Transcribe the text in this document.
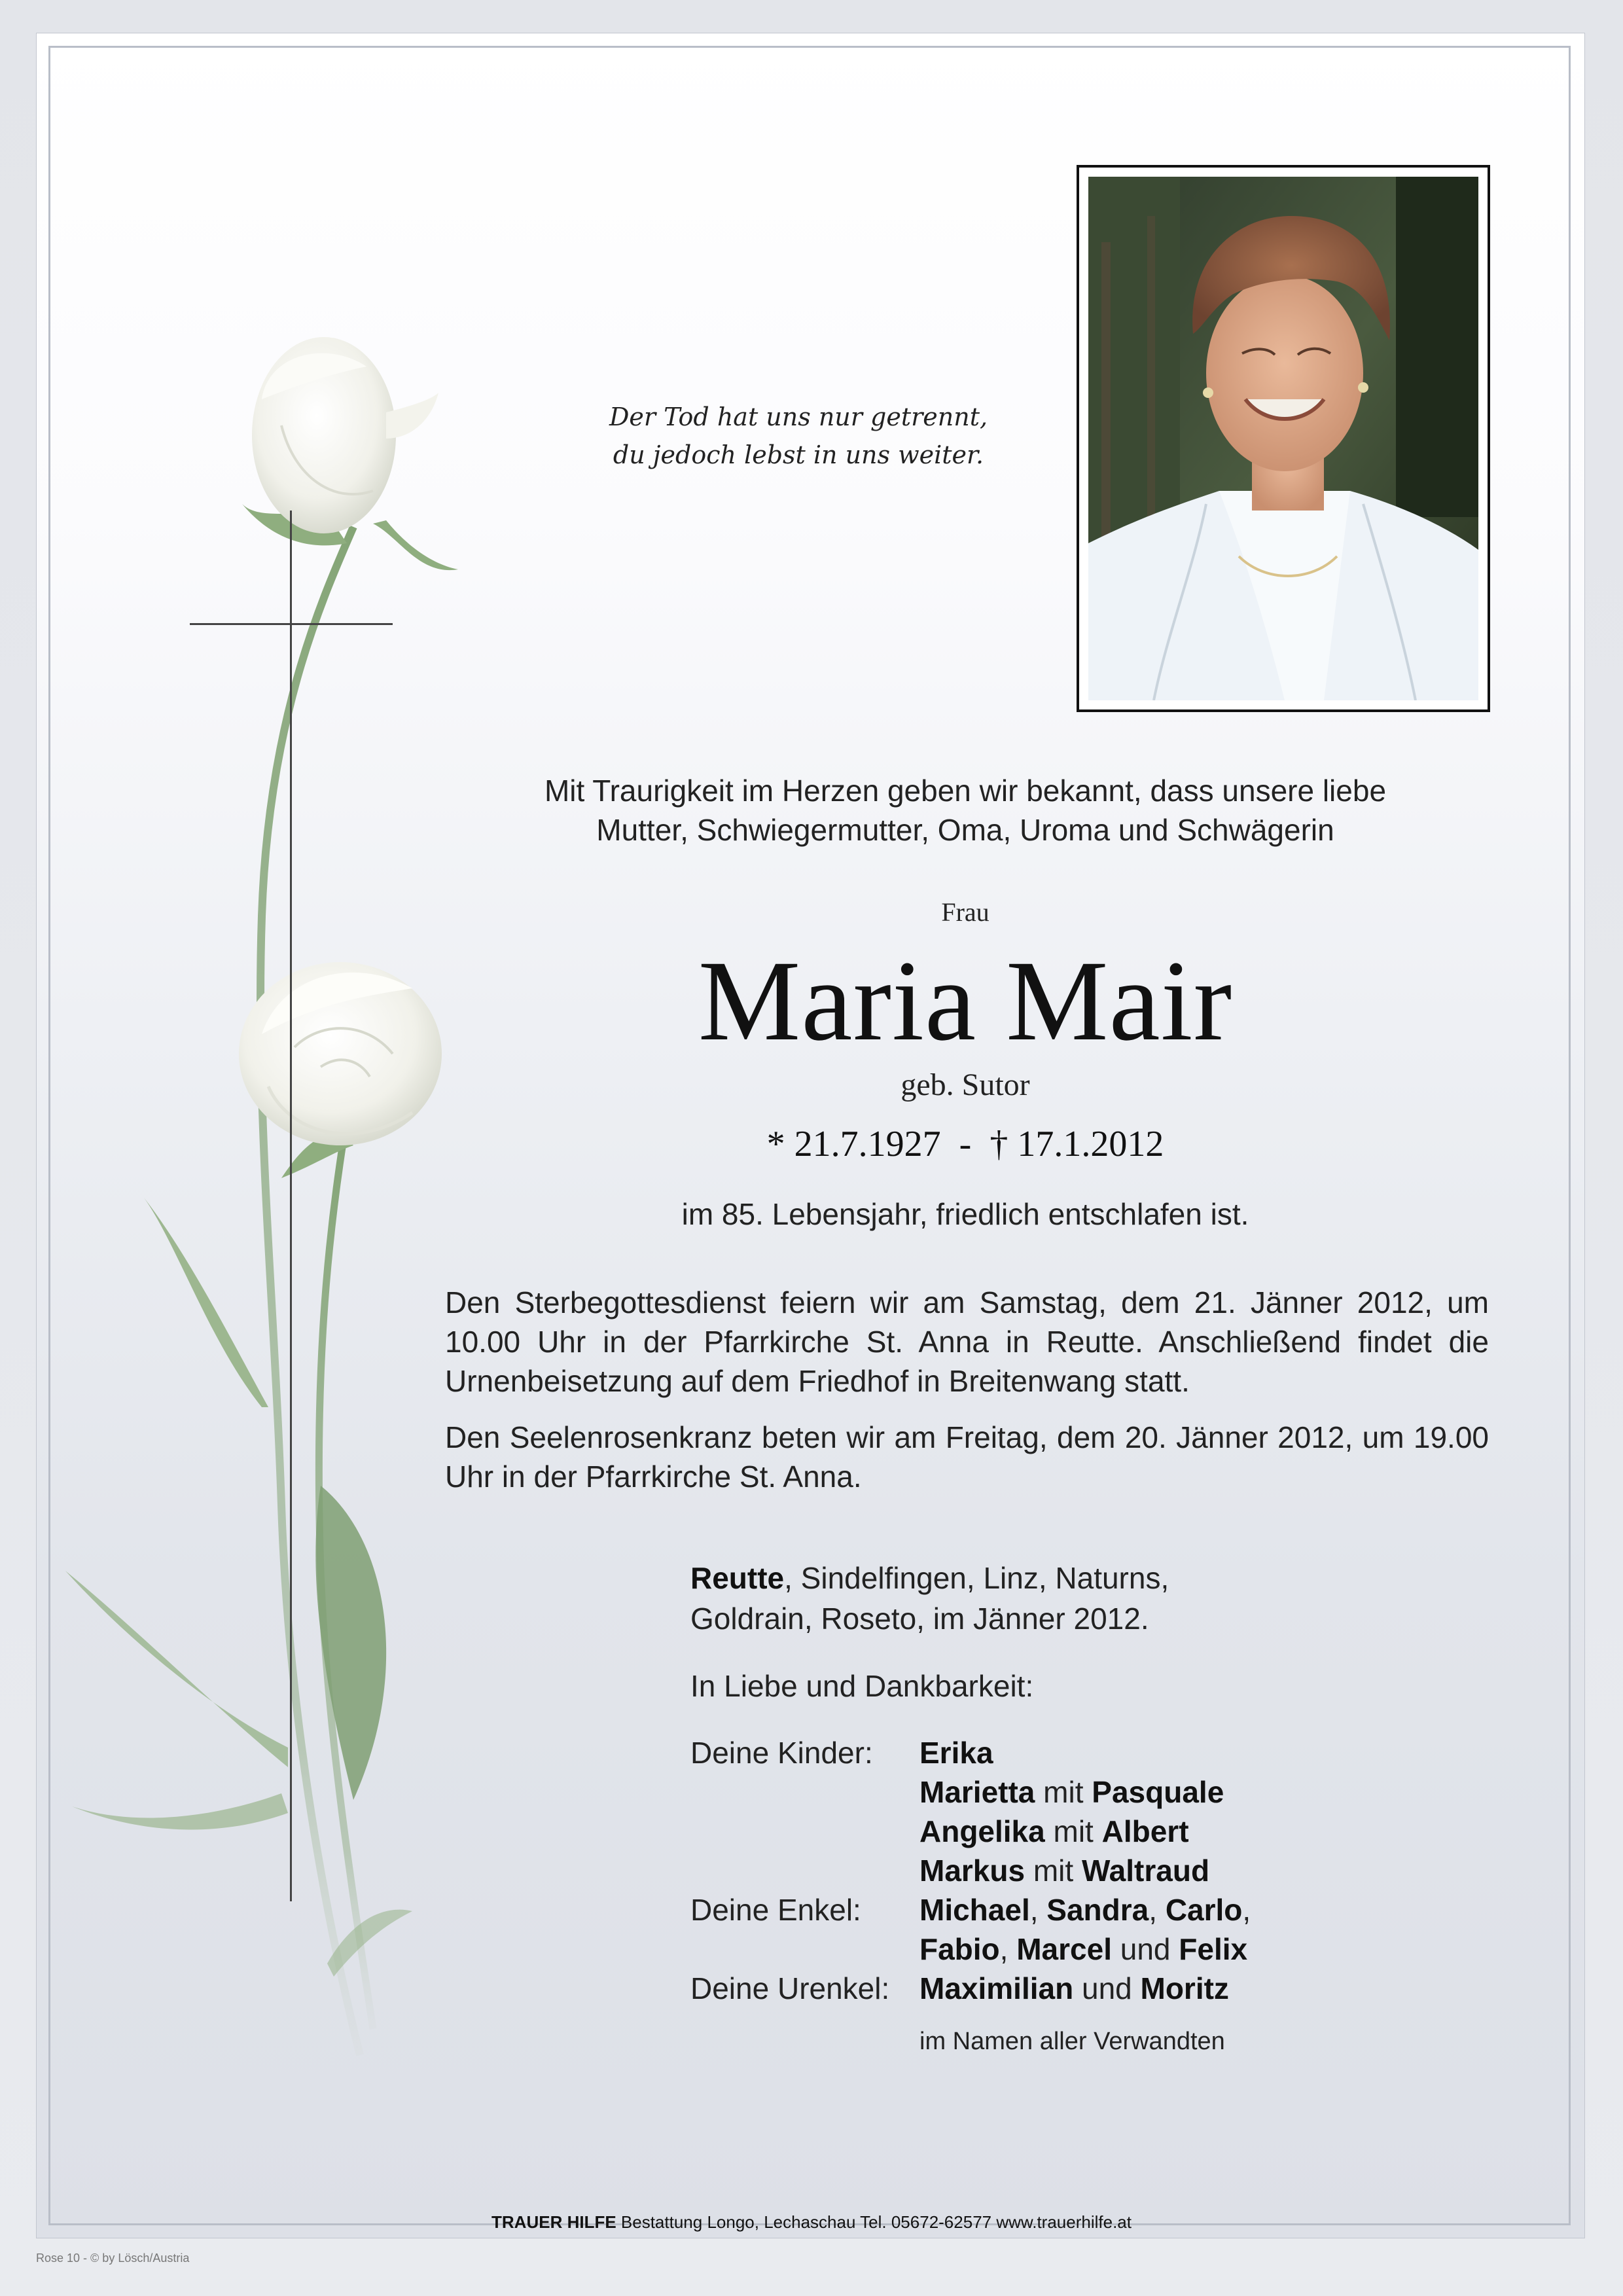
Der Tod hat uns nur getrennt,
du jedoch lebst in uns weiter.
Mit Traurigkeit im Herzen geben wir bekannt, dass unsere liebe
Mutter, Schwiegermutter, Oma, Uroma und Schwägerin
Frau
Maria Mair
geb. Sutor
* 21.7.1927  -  † 17.1.2012
im 85. Lebensjahr, friedlich entschlafen ist.
Den Sterbegottesdienst feiern wir am Samstag, dem 21. Jänner 2012, um 10.00 Uhr in der Pfarrkirche St. Anna in Reutte. Anschließend findet die Urnenbeisetzung auf dem Friedhof in Breitenwang statt.
Den Seelenrosenkranz beten wir am Freitag, dem 20. Jänner 2012, um 19.00 Uhr in der Pfarrkirche St. Anna.
Reutte, Sindelfingen, Linz, Naturns,
Goldrain, Roseto, im Jänner 2012.
In Liebe und Dankbarkeit:
Deine Kinder: Erika
Marietta mit Pasquale
Angelika mit Albert
Markus mit Waltraud
Deine Enkel: Michael, Sandra, Carlo,
Fabio, Marcel und Felix
Deine Urenkel: Maximilian und Moritz
im Namen aller Verwandten
TRAUER HILFE Bestattung Longo, Lechaschau Tel. 05672-62577 www.trauerhilfe.at
Rose 10 - © by Lösch/Austria
